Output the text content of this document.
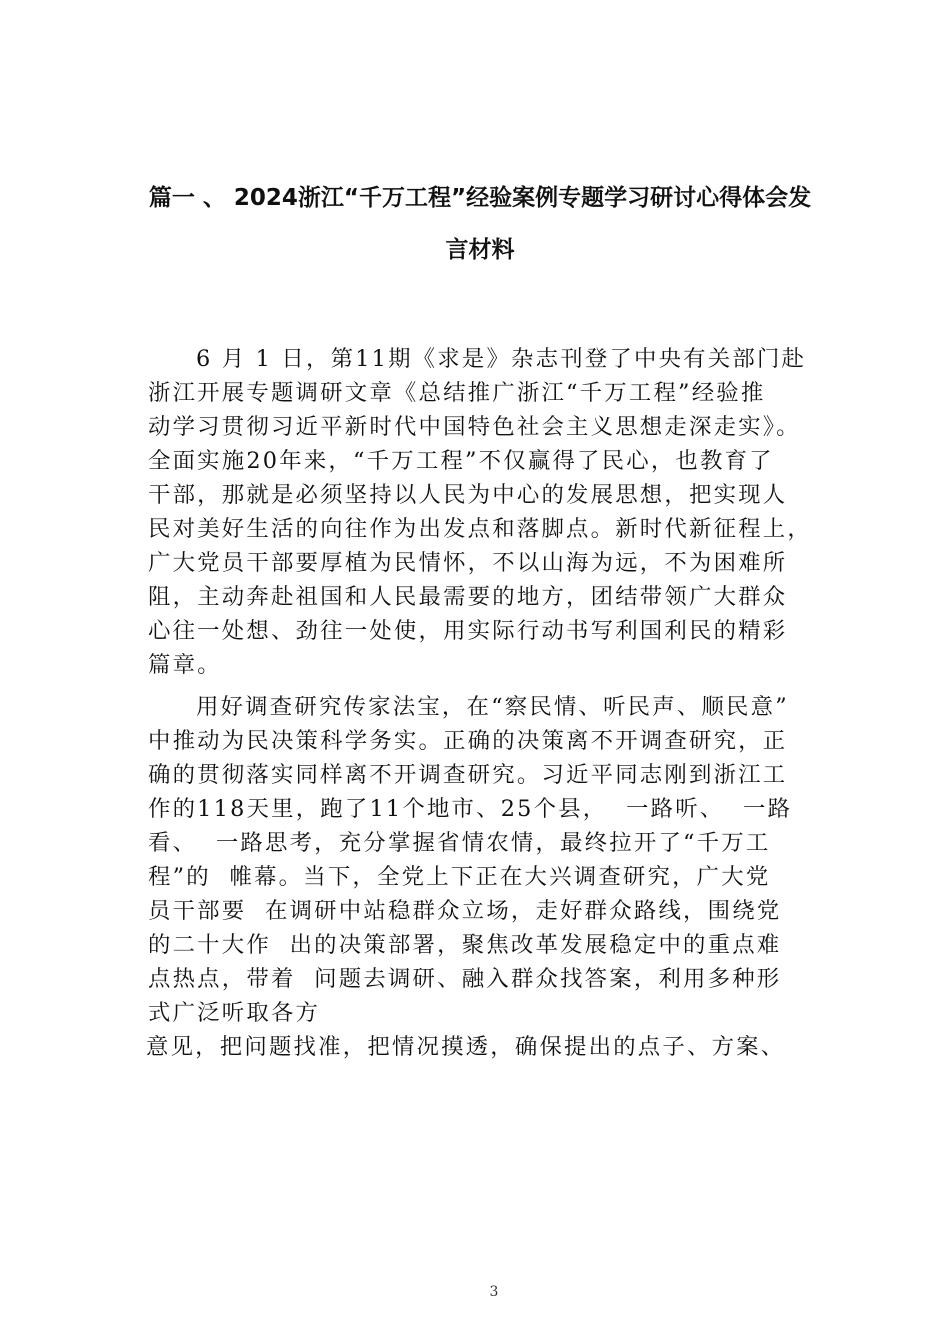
篇一 、 2024浙江“千万工程”经验案例专题学习研讨心得体会发
言材料
6 月 1 日，第11期《求是》杂志刊登了中央有关部门赴
浙江开展专题调研文章《总结推广浙江“千万工程”经验推
动学习贯彻习近平新时代中国特色社会主义思想走深走实》。
全面实施20年来，“千万工程”不仅赢得了民心，也教育了
干部，那就是必须坚持以人民为中心的发展思想，把实现人
民对美好生活的向往作为出发点和落脚点。新时代新征程上，
广大党员干部要厚植为民情怀，不以山海为远，不为困难所
阻，主动奔赴祖国和人民最需要的地方，团结带领广大群众
心往一处想、劲往一处使，用实际行动书写利国利民的精彩
篇章。
用好调查研究传家法宝，在“察民情、听民声、顺民意”
中推动为民决策科学务实。正确的决策离不开调查研究，正
确的贯彻落实同样离不开调查研究。习近平同志刚到浙江工
作的118天里，跑了11个地市、25个县，  一路听、  一路
看、  一路思考，充分掌握省情农情，最终拉开了“千万工
程”的  帷幕。当下，全党上下正在大兴调查研究，广大党
员干部要  在调研中站稳群众立场，走好群众路线，围绕党
的二十大作  出的决策部署，聚焦改革发展稳定中的重点难
点热点，带着  问题去调研、融入群众找答案，利用多种形
式广泛听取各方
意见，把问题找准，把情况摸透，确保提出的点子、方案、
3
